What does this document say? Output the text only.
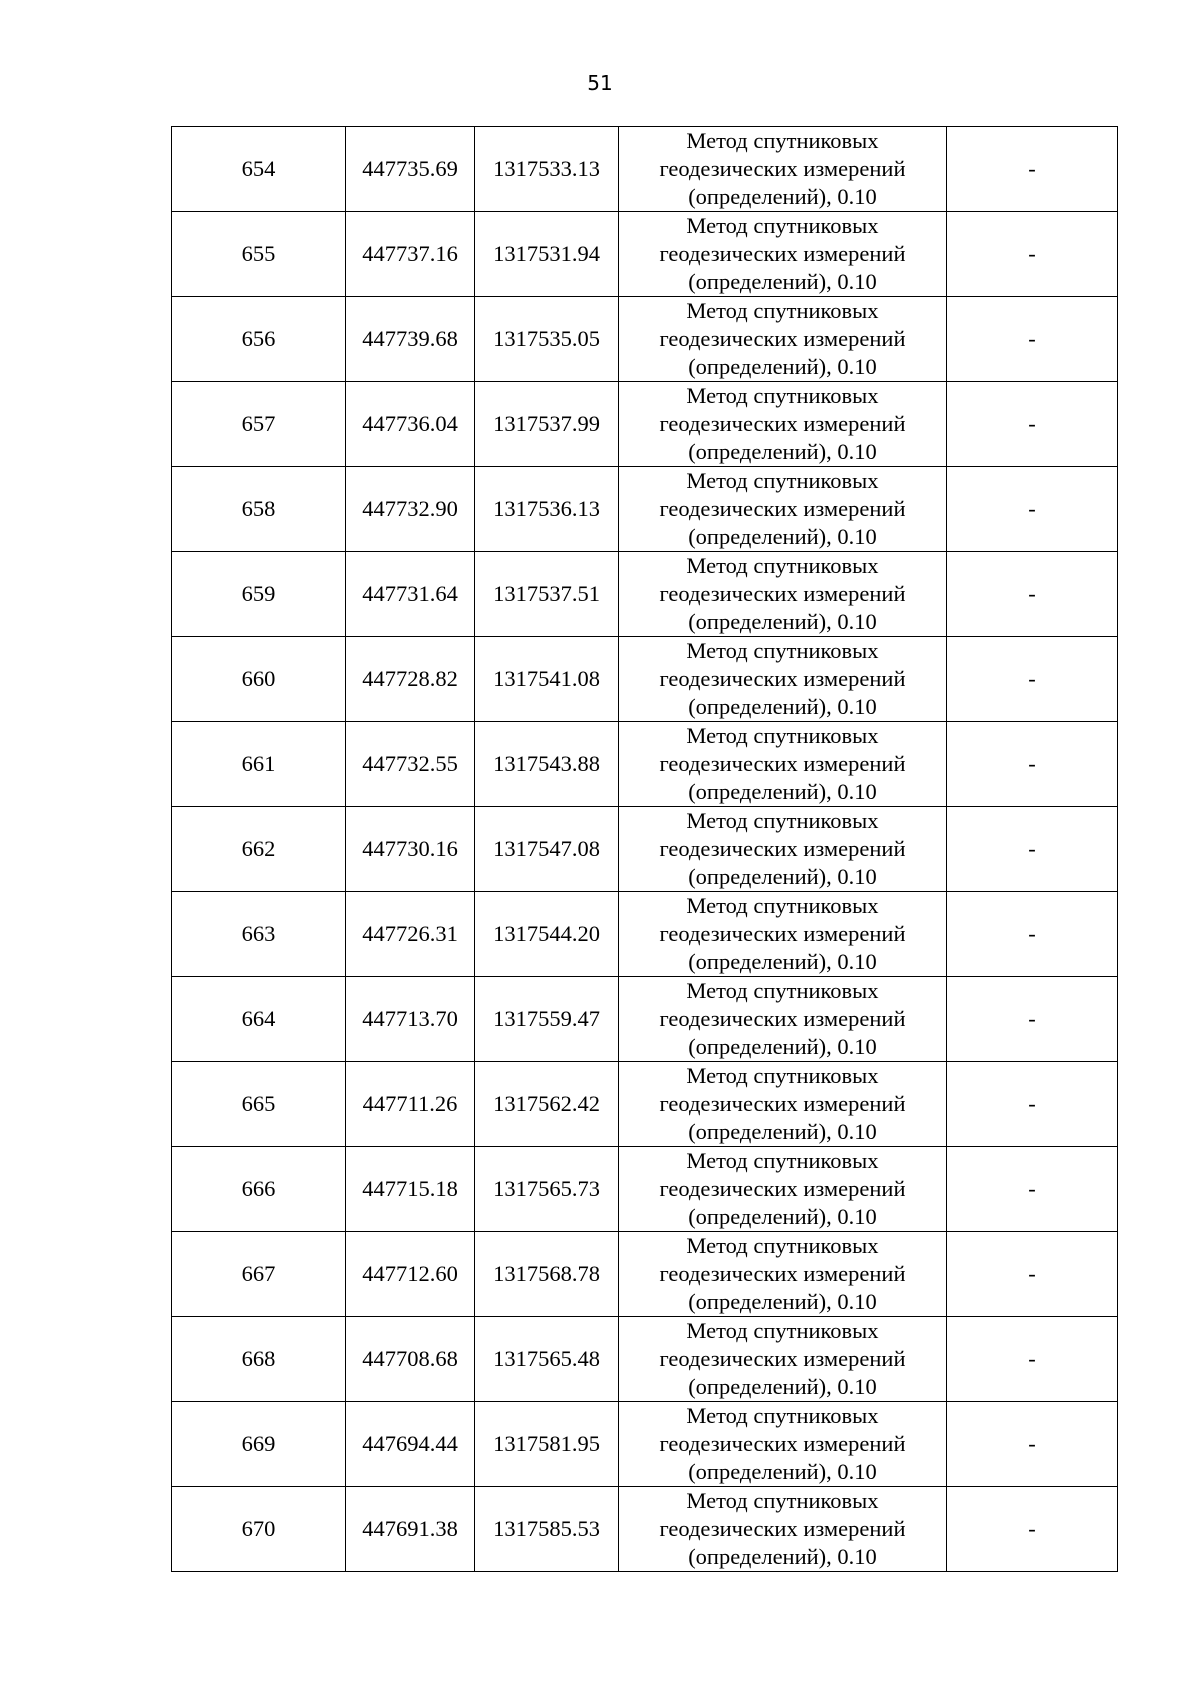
51
654	447735.69	1317533.13	Метод спутниковых геодезических измерений (определений), 0.10	-
655	447737.16	1317531.94	Метод спутниковых геодезических измерений (определений), 0.10	-
656	447739.68	1317535.05	Метод спутниковых геодезических измерений (определений), 0.10	-
657	447736.04	1317537.99	Метод спутниковых геодезических измерений (определений), 0.10	-
658	447732.90	1317536.13	Метод спутниковых геодезических измерений (определений), 0.10	-
659	447731.64	1317537.51	Метод спутниковых геодезических измерений (определений), 0.10	-
660	447728.82	1317541.08	Метод спутниковых геодезических измерений (определений), 0.10	-
661	447732.55	1317543.88	Метод спутниковых геодезических измерений (определений), 0.10	-
662	447730.16	1317547.08	Метод спутниковых геодезических измерений (определений), 0.10	-
663	447726.31	1317544.20	Метод спутниковых геодезических измерений (определений), 0.10	-
664	447713.70	1317559.47	Метод спутниковых геодезических измерений (определений), 0.10	-
665	447711.26	1317562.42	Метод спутниковых геодезических измерений (определений), 0.10	-
666	447715.18	1317565.73	Метод спутниковых геодезических измерений (определений), 0.10	-
667	447712.60	1317568.78	Метод спутниковых геодезических измерений (определений), 0.10	-
668	447708.68	1317565.48	Метод спутниковых геодезических измерений (определений), 0.10	-
669	447694.44	1317581.95	Метод спутниковых геодезических измерений (определений), 0.10	-
670	447691.38	1317585.53	Метод спутниковых геодезических измерений (определений), 0.10	-
